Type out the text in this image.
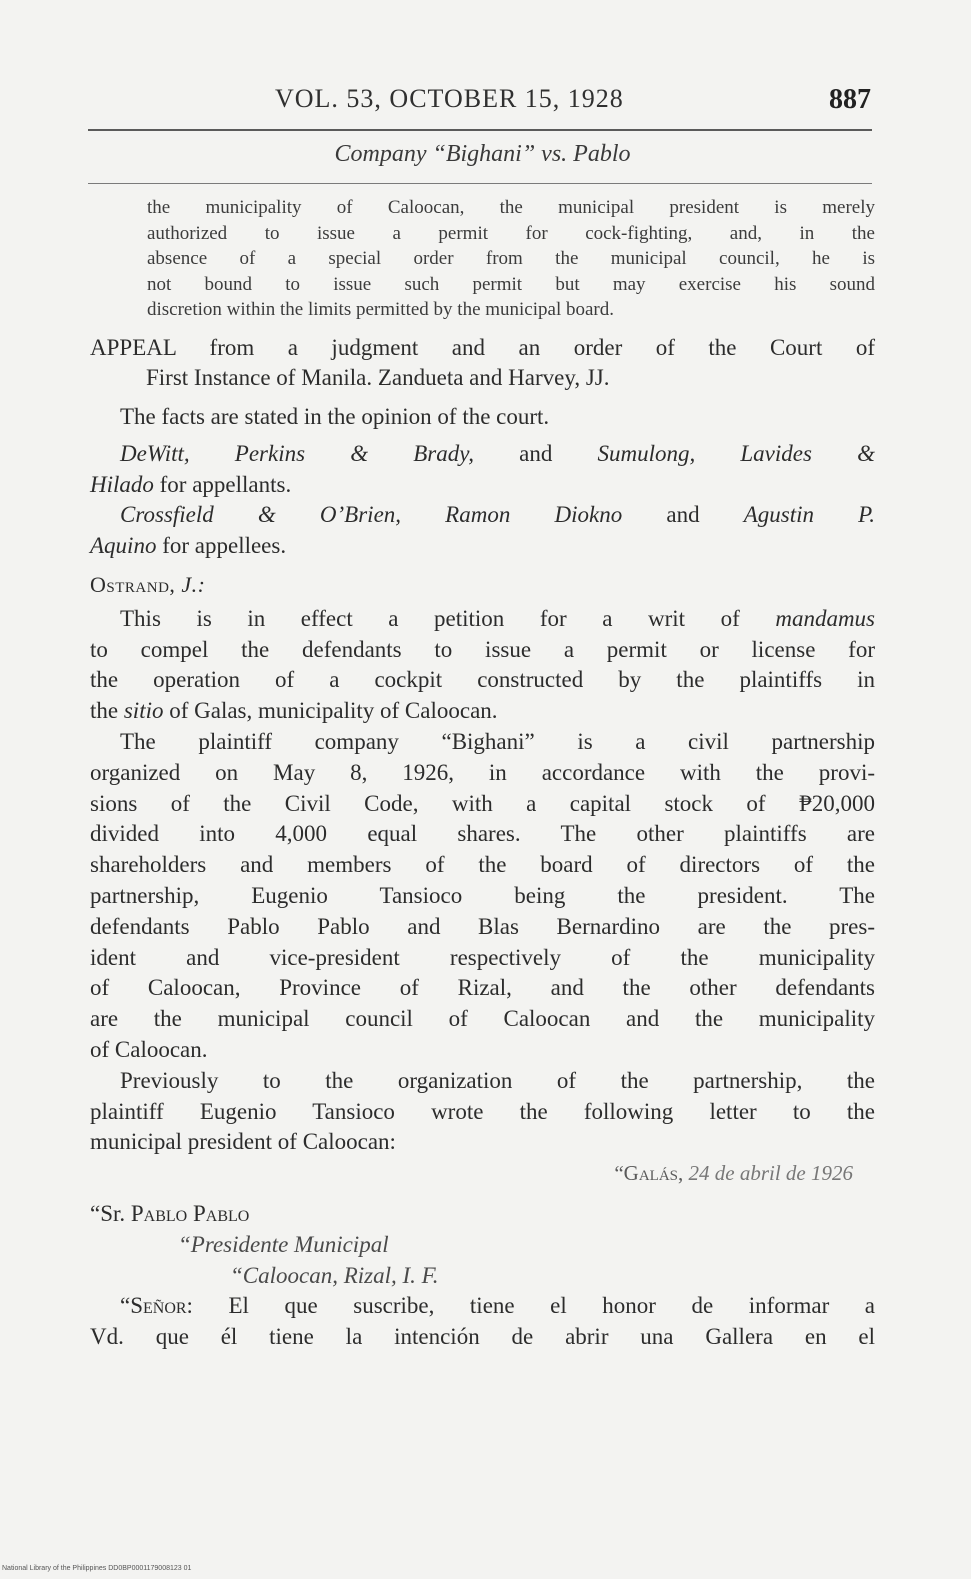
VOL. 53, OCTOBER 15, 1928	887
Company “Bighani” vs. Pablo
the municipality of Caloocan, the municipal president is merely
authorized to issue a permit for cock-fighting, and, in the
absence of a special order from the municipal council, he is
not bound to issue such permit but may exercise his sound
discretion within the limits permitted by the municipal board.
APPEAL from a judgment and an order of the Court of
First Instance of Manila. Zandueta and Harvey, JJ.
The facts are stated in the opinion of the court.
DeWitt, Perkins & Brady, and Sumulong, Lavides &
Hilado for appellants.
Crossfield & O’Brien, Ramon Diokno and Agustin P.
Aquino for appellees.
Ostrand, J.:
This is in effect a petition for a writ of mandamus
to compel the defendants to issue a permit or license for
the operation of a cockpit constructed by the plaintiffs in
the sitio of Galas, municipality of Caloocan.
The plaintiff company “Bighani” is a civil partnership
organized on May 8, 1926, in accordance with the provi-
sions of the Civil Code, with a capital stock of ₱20,000
divided into 4,000 equal shares. The other plaintiffs are
shareholders and members of the board of directors of the
partnership, Eugenio Tansioco being the president. The
defendants Pablo Pablo and Blas Bernardino are the pres-
ident and vice-president respectively of the municipality
of Caloocan, Province of Rizal, and the other defendants
are the municipal council of Caloocan and the municipality
of Caloocan.
Previously to the organization of the partnership, the
plaintiff Eugenio Tansioco wrote the following letter to the
municipal president of Caloocan:
“Galás, 24 de abril de 1926
“Sr. Pablo Pablo
“Presidente Municipal
“Caloocan, Rizal, I. F.
“Señor: El que suscribe, tiene el honor de informar a
Vd. que él tiene la intención de abrir una Gallera en el
National Library of the Philippines DD0BP0001179008123 01
